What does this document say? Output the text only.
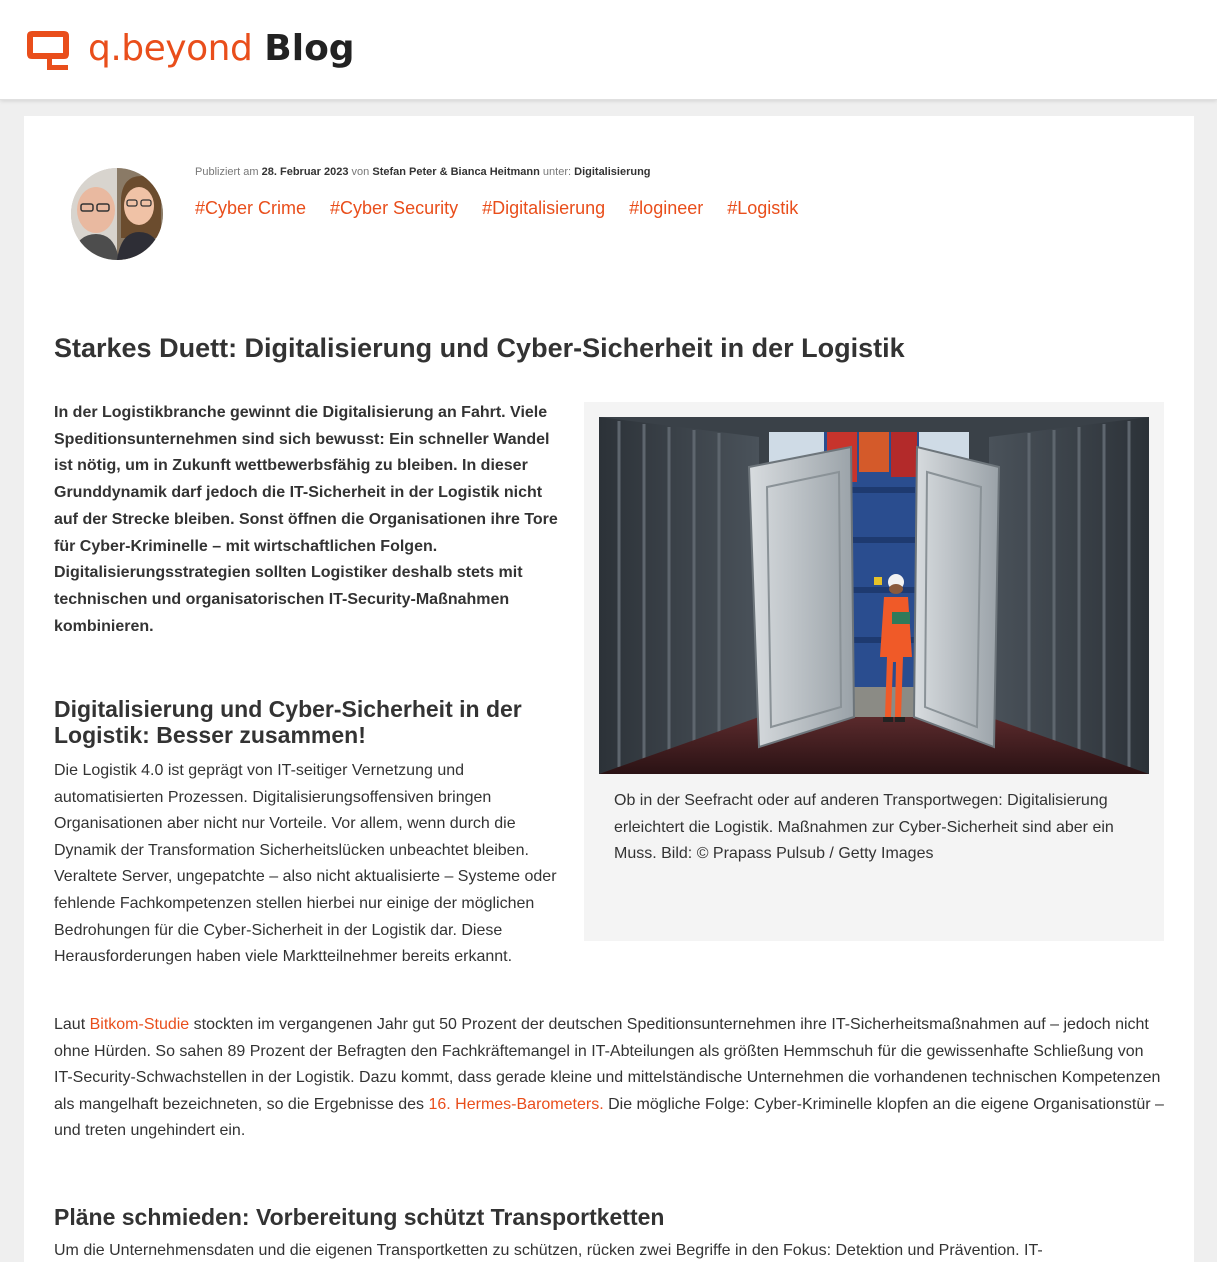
q.beyond Blog
Publiziert am 28. Februar 2023 von Stefan Peter & Bianca Heitmann unter: Digitalisierung
#Cyber Crime #Cyber Security #Digitalisierung #logineer #Logistik
Starkes Duett: Digitalisierung und Cyber-Sicherheit in der Logistik

In der Logistikbranche gewinnt die Digitalisierung an Fahrt. Viele Speditionsunternehmen sind sich bewusst: Ein schneller Wandel ist nötig, um in Zukunft wettbewerbsfähig zu bleiben. In dieser Grunddynamik darf jedoch die IT-Sicherheit in der Logistik nicht auf der Strecke bleiben. Sonst öffnen die Organisationen ihre Tore für Cyber-Kriminelle – mit wirtschaftlichen Folgen. Digitalisierungsstrategien sollten Logistiker deshalb stets mit technischen und organisatorischen IT-Security-Maßnahmen kombinieren.

Ob in der Seefracht oder auf anderen Transportwegen: Digitalisierung erleichtert die Logistik. Maßnahmen zur Cyber-Sicherheit sind aber ein Muss. Bild: © Prapass Pulsub / Getty Images
Digitalisierung und Cyber-Sicherheit in der Logistik: Besser zusammen!

Die Logistik 4.0 ist geprägt von IT-seitiger Vernetzung und automatisierten Prozessen. Digitalisierungsoffensiven bringen Organisationen aber nicht nur Vorteile. Vor allem, wenn durch die Dynamik der Transformation Sicherheitslücken unbeachtet bleiben. Veraltete Server, ungepatchte – also nicht aktualisierte – Systeme oder fehlende Fachkompetenzen stellen hierbei nur einige der möglichen Bedrohungen für die Cyber-Sicherheit in der Logistik dar. Diese Herausforderungen haben viele Marktteilnehmer bereits erkannt.

Laut Bitkom-Studie stockten im vergangenen Jahr gut 50 Prozent der deutschen Speditionsunternehmen ihre IT-Sicherheitsmaßnahmen auf – jedoch nicht ohne Hürden. So sahen 89 Prozent der Befragten den Fachkräftemangel in IT-Abteilungen als größten Hemmschuh für die gewissenhafte Schließung von IT-Security-Schwachstellen in der Logistik. Dazu kommt, dass gerade kleine und mittelständische Unternehmen die vorhandenen technischen Kompetenzen als mangelhaft bezeichneten, so die Ergebnisse des 16. Hermes-Barometers. Die mögliche Folge: Cyber-Kriminelle klopfen an die eigene Organisationstür – und treten ungehindert ein.

Pläne schmieden: Vorbereitung schützt Transportketten

Um die Unternehmensdaten und die eigenen Transportketten zu schützen, rücken zwei Begriffe in den Fokus: Detektion und Prävention. IT-
